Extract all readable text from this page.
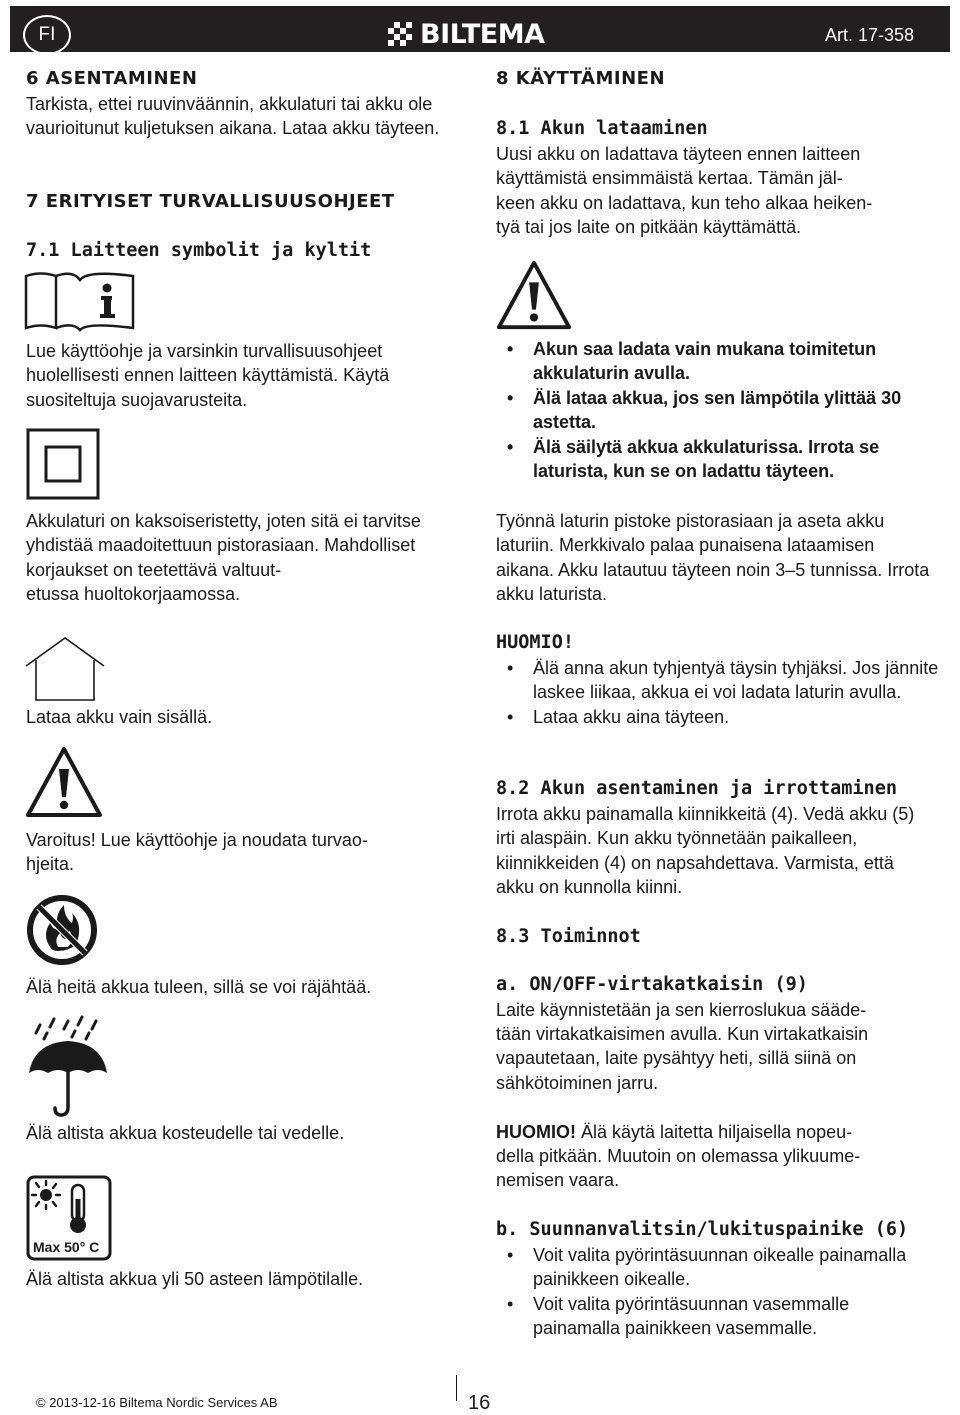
FI	BILTEMA	Art. 17-358
6 ASENTAMINEN

Tarkista, ettei ruuvinväännin, akkulaturi tai akku ole vaurioitunut kuljetuksen aikana. Lataa akku täyteen.

7 ERITYISET TURVALLISUUSOHJEET
7.1 Laitteen symbolit ja kyltit

Lue käyttöohje ja varsinkin turvallisuusohjeet huolellisesti ennen laitteen käyttämistä. Käytä suositeltuja suojavarusteita.

Akkulaturi on kaksoiseristetty, joten sitä ei tarvitse yhdistää maadoitettuun pistorasiaan. Mahdolliset korjaukset on teetettävä valtuut-

etussa huoltokorjaamossa.

Lataa akku vain sisällä.

Varoitus! Lue käyttöohje ja noudata turvao-

hjeita.

Älä heitä akkua tuleen, sillä se voi räjähtää.

Älä altista akkua kosteudelle tai vedelle.

Max 50° C

Älä altista akkua yli 50 asteen lämpötilalle.

8 KÄYTTÄMINEN
8.1 Akun lataaminen

Uusi akku on ladattava täyteen ennen laitteen käyttämistä ensimmäistä kertaa. Tämän jäl-

keen akku on ladattava, kun teho alkaa heiken-

tyä tai jos laite on pitkään käyttämättä.

• Akun saa ladata vain mukana toimitetun akkulaturin avulla.
• Älä lataa akkua, jos sen lämpötila ylittää 30 astetta.
• Älä säilytä akkua akkulaturissa. Irrota se laturista, kun se on ladattu täyteen.

Työnnä laturin pistoke pistorasiaan ja aseta akku laturiin. Merkkivalo palaa punaisena lataamisen aikana. Akku latautuu täyteen noin 3–5 tunnissa. Irrota akku laturista.

HUOMIO!
• Älä anna akun tyhjentyä täysin tyhjäksi. Jos jännite laskee liikaa, akkua ei voi ladata laturin avulla.
• Lataa akku aina täyteen.
8.2 Akun asentaminen ja irrottaminen

Irrota akku painamalla kiinnikkeitä (4). Vedä akku (5) irti alaspäin. Kun akku työnnetään paikalleen, kiinnikkeiden (4) on napsahdettava. Varmista, että akku on kunnolla kiinni.

8.3 Toiminnot
a. ON/OFF-virtakatkaisin (9)

Laite käynnistetään ja sen kierroslukua sääde-

tään virtakatkaisimen avulla. Kun virtakatkaisin vapautetaan, laite pysähtyy heti, sillä siinä on sähkötoiminen jarru.

HUOMIO! Älä käytä laitetta hiljaisella nopeu-

della pitkään. Muutoin on olemassa ylikuume-

nemisen vaara.

b. Suunnanvalitsin/lukituspainike (6)
• Voit valita pyörintäsuunnan oikealle painamalla painikkeen oikealle.
• Voit valita pyörintäsuunnan vasemmalle painamalla painikkeen vasemmalle.
© 2013-12-16 Biltema Nordic Services AB	16
